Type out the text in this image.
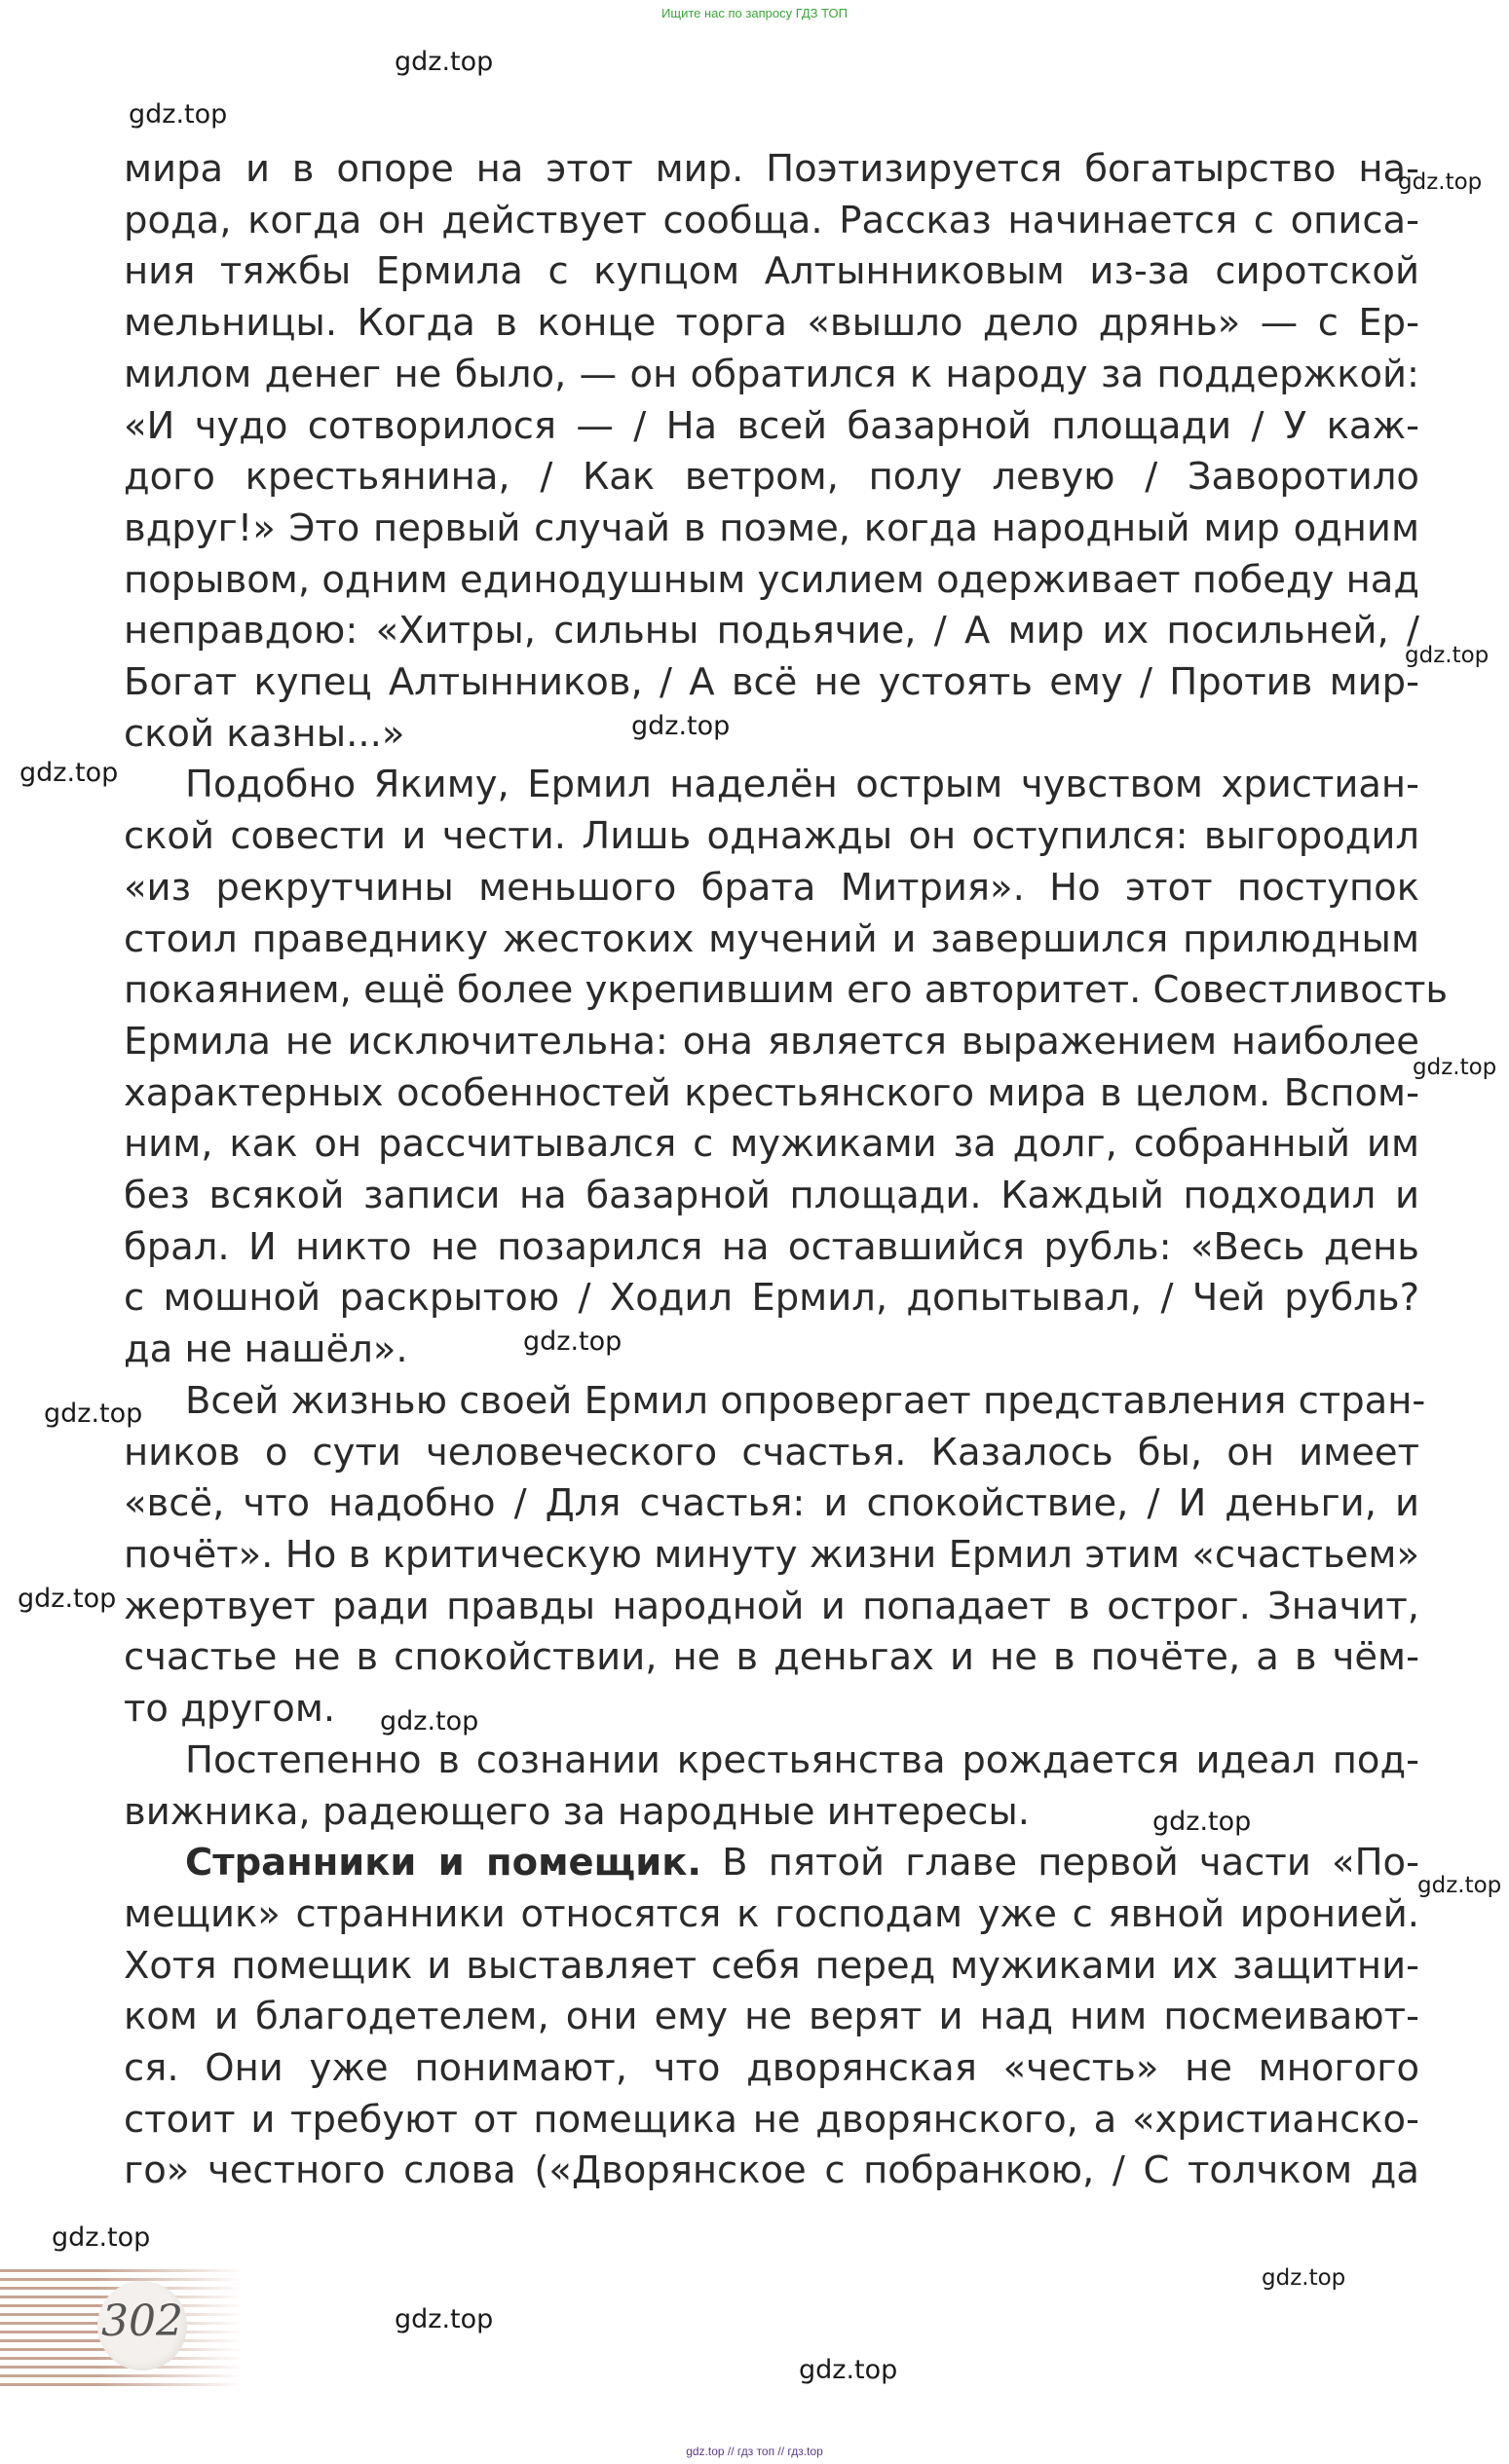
Ищите нас по запросу ГДЗ ТОП
мира и в опоре на этот мир. Поэтизируется богатырство на-
рода, когда он действует сообща. Рассказ начинается с описа-
ния тяжбы Ермила с купцом Алтынниковым из-за сиротской
мельницы. Когда в конце торга «вышло дело дрянь» — с Ер-
милом денег не было, — он обратился к народу за поддержкой:
«И чудо сотворилося — / На всей базарной площади / У каж-
дого крестьянина, / Как ветром, полу левую / Заворотило
вдруг!» Это первый случай в поэме, когда народный мир одним
порывом, одним единодушным усилием одерживает победу над
неправдою: «Хитры, сильны подьячие, / А мир их посильней, /
Богат купец Алтынников, / А всё не устоять ему / Против мир-
ской казны...»
Подобно Якиму, Ермил наделён острым чувством христиан-
ской совести и чести. Лишь однажды он оступился: выгородил
«из рекрутчины меньшого брата Митрия». Но этот поступок
стоил праведнику жестоких мучений и завершился прилюдным
покаянием, ещё более укрепившим его авторитет. Совестливость
Ермила не исключительна: она является выражением наиболее
характерных особенностей крестьянского мира в целом. Вспом-
ним, как он рассчитывался с мужиками за долг, собранный им
без всякой записи на базарной площади. Каждый подходил и
брал. И никто не позарился на оставшийся рубль: «Весь день
с мошной раскрытою / Ходил Ермил, допытывал, / Чей рубль?
да не нашёл».
Всей жизнью своей Ермил опровергает представления стран-
ников о сути человеческого счастья. Казалось бы, он имеет
«всё, что надобно / Для счастья: и спокойствие, / И деньги, и
почёт». Но в критическую минуту жизни Ермил этим «счастьем»
жертвует ради правды народной и попадает в острог. Значит,
счастье не в спокойствии, не в деньгах и не в почёте, а в чём-
то другом.
Постепенно в сознании крестьянства рождается идеал под-
вижника, радеющего за народные интересы.
Странники и помещик. В пятой главе первой части «По-
мещик» странники относятся к господам уже с явной иронией.
Хотя помещик и выставляет себя перед мужиками их защитни-
ком и благодетелем, они ему не верят и над ним посмеивают-
ся. Они уже понимают, что дворянская «честь» не многого
стоит и требуют от помещика не дворянского, а «христианско-
го» честного слова («Дворянское с побранкою, / С толчком да
gdz.top
gdz.top
gdz.top
gdz.top
gdz.top
gdz.top
gdz.top
gdz.top
gdz.top
gdz.top
gdz.top
gdz.top
gdz.top
gdz.top
gdz.top
gdz.top
gdz.top
302
gdz.top // гдз топ // гдз.top
